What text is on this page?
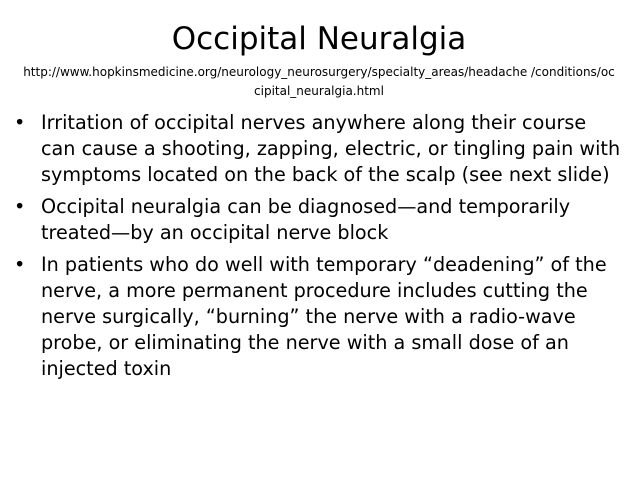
Occipital Neuralgia
http://www.hopkinsmedicine.org/neurology_neurosurgery/specialty_areas/headache /conditions/occipital_neuralgia.html
• Irritation of occipital nerves anywhere along their course can cause a shooting, zapping, electric, or tingling pain with symptoms located on the back of the scalp (see next slide)
• Occipital neuralgia can be diagnosed—and temporarily treated—by an occipital nerve block
• In patients who do well with temporary “deadening” of the nerve, a more permanent procedure includes cutting the nerve surgically, “burning” the nerve with a radio-wave probe, or eliminating the nerve with a small dose of an injected toxin
